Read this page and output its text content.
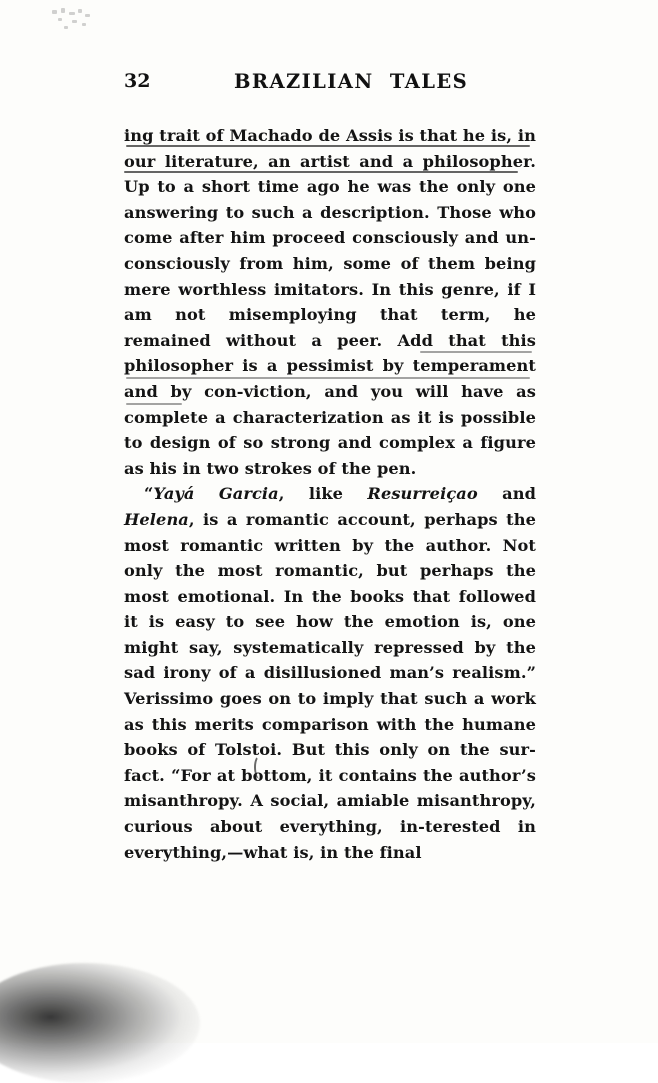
32	BRAZILIAN  TALES

ing trait of Machado de Assis is that he is, in our literature, an artist and a philosopher. Up to a short time ago he was the only one answering to such a description. Those who come after him proceed consciously and un-consciously from him, some of them being mere worthless imitators. In this genre, if I am not misemploying that term, he remained without a peer. Add that this philosopher is a pessimist by temperament and by con-viction, and you will have as complete a characterization as it is possible to design of so strong and complex a figure as his in two strokes of the pen.

“Yayá Garcia, like Resurreiçao and Helena, is a romantic account, perhaps the most romantic written by the author. Not only the most romantic, but perhaps the most emotional. In the books that followed it is easy to see how the emotion is, one might say, systematically repressed by the sad irony of a disillusioned man’s realism.” Verissimo goes on to imply that such a work as this merits comparison with the humane books of Tolstoi. But this only on the sur-fact. “For at bottom, it contains the author’s misanthropy. A social, amiable misanthropy, curious about everything, in-terested in everything,—what is, in the final
